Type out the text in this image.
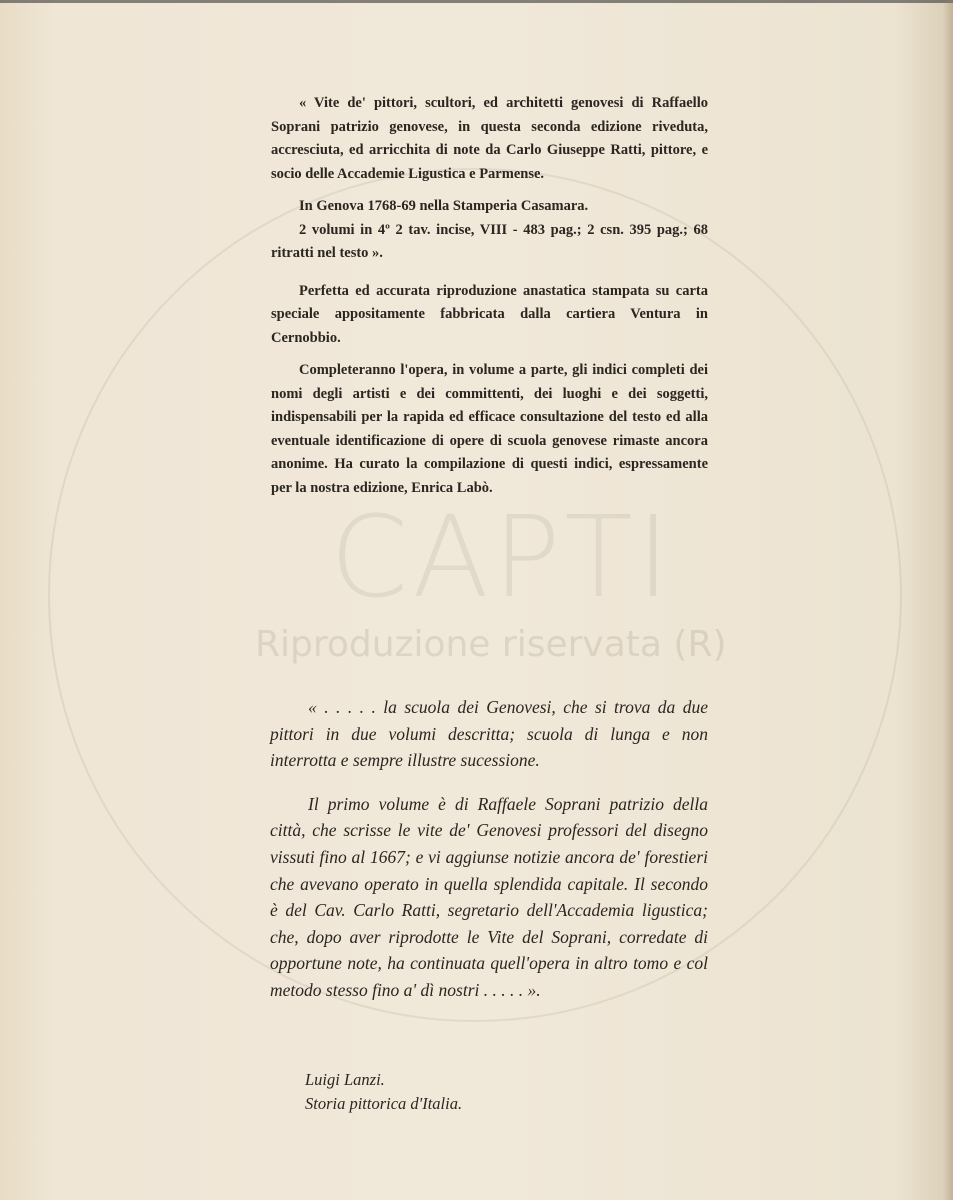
CAPTI
Riproduzione riservata (R)

« Vite de' pittori, scultori, ed architetti genovesi di Raffaello Soprani patrizio genovese, in questa seconda edizione riveduta, accresciuta, ed arricchita di note da Carlo Giuseppe Ratti, pittore, e socio delle Accademie Ligustica e Parmense.

In Genova 1768-69 nella Stamperia Casamara.

2 volumi in 4º 2 tav. incise, VIII - 483 pag.; 2 csn. 395 pag.; 68 ritratti nel testo ».

Perfetta ed accurata riproduzione anastatica stampata su carta speciale appositamente fabbricata dalla cartiera Ventura in Cernobbio.

Completeranno l'opera, in volume a parte, gli indici completi dei nomi degli artisti e dei committenti, dei luoghi e dei soggetti, indispensabili per la rapida ed efficace consultazione del testo ed alla eventuale identificazione di opere di scuola genovese rimaste ancora anonime. Ha curato la compilazione di questi indici, espressamente per la nostra edizione, Enrica Labò.

« . . . . . la scuola dei Genovesi, che si trova da due pittori in due volumi descritta; scuola di lunga e non interrotta e sempre illustre sucessione.

Il primo volume è di Raffaele Soprani patrizio della città, che scrisse le vite de' Genovesi professori del disegno vissuti fino al 1667; e vi aggiunse notizie ancora de' forestieri che avevano operato in quella splendida capitale. Il secondo è del Cav. Carlo Ratti, segretario dell'Accademia ligustica; che, dopo aver riprodotte le Vite del Soprani, corredate di opportune note, ha continuata quell'opera in altro tomo e col metodo stesso fino a' dì nostri . . . . . ».

Luigi Lanzi.
Storia pittorica d'Italia.
